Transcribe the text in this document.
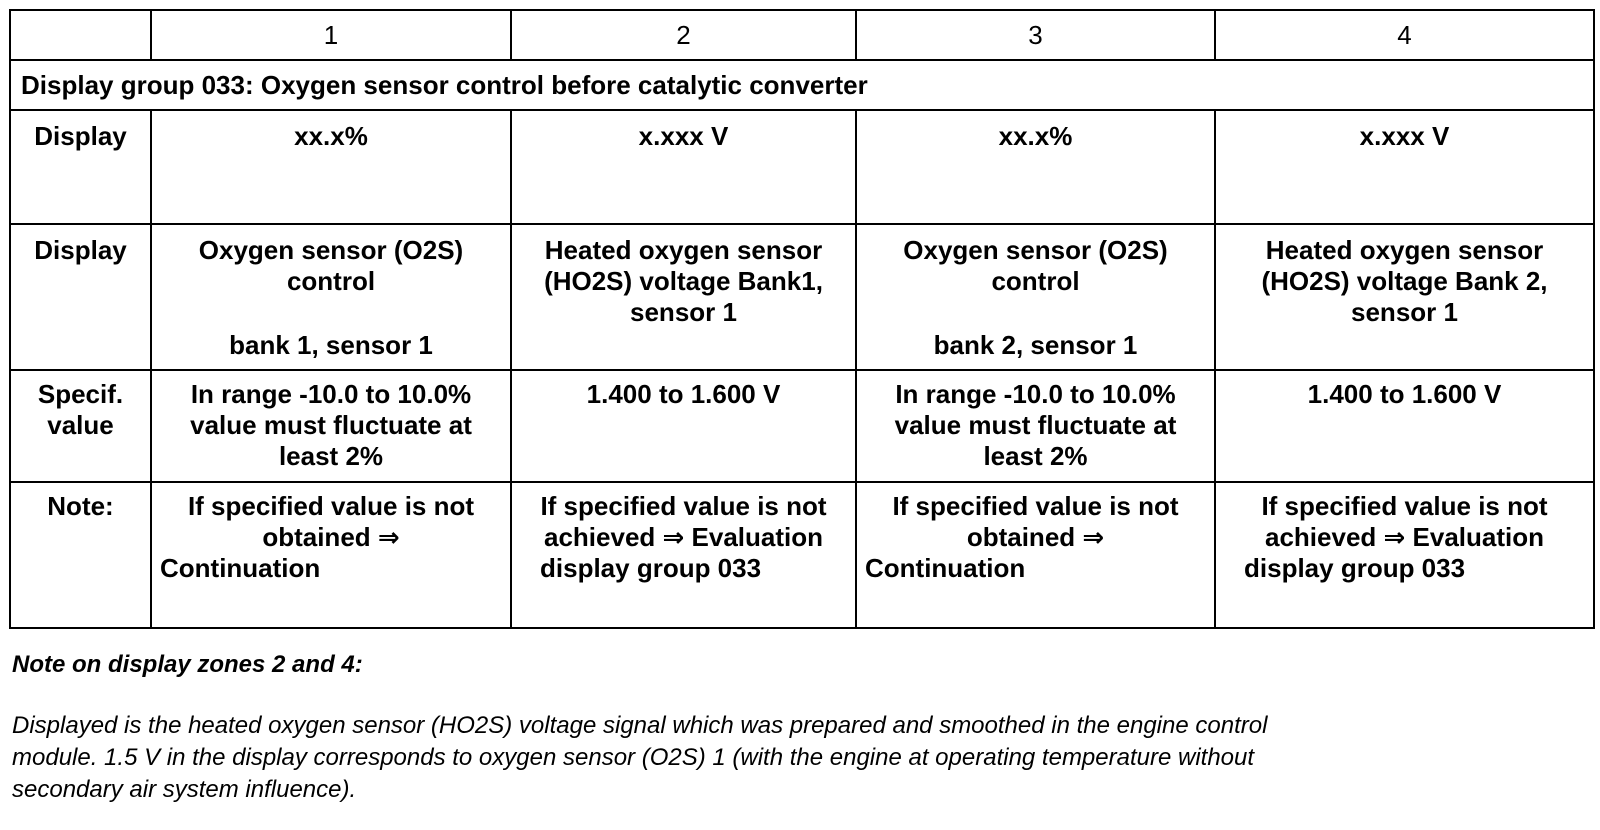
	1	2	3	4
Display group 033: Oxygen sensor control before catalytic converter				
Display	xx.x%	x.xxx V	xx.x%	x.xxx V

Display	Oxygen sensor (O2S)
control
bank 1, sensor 1	Heated oxygen sensor
(HO2S) voltage Bank1,
sensor 1	Oxygen sensor (O2S)
control
bank 2, sensor 1	Heated oxygen sensor
(HO2S) voltage Bank 2,
sensor 1

Specif.
value	In range -10.0 to 10.0%
value must fluctuate at
least 2%	1.400 to 1.600 V	In range -10.0 to 10.0%
value must fluctuate at
least 2%	1.400 to 1.600 V

Note:	If specified value is not
obtained ⇒
Continuation	If specified value is not
achieved ⇒ Evaluation
display group 033	If specified value is not
obtained ⇒
Continuation	If specified value is not
achieved ⇒ Evaluation
display group 033

Note on display zones 2 and 4:

Displayed is the heated oxygen sensor (HO2S) voltage signal which was prepared and smoothed in the engine control
module. 1.5 V in the display corresponds to oxygen sensor (O2S) 1 (with the engine at operating temperature without
secondary air system influence).
